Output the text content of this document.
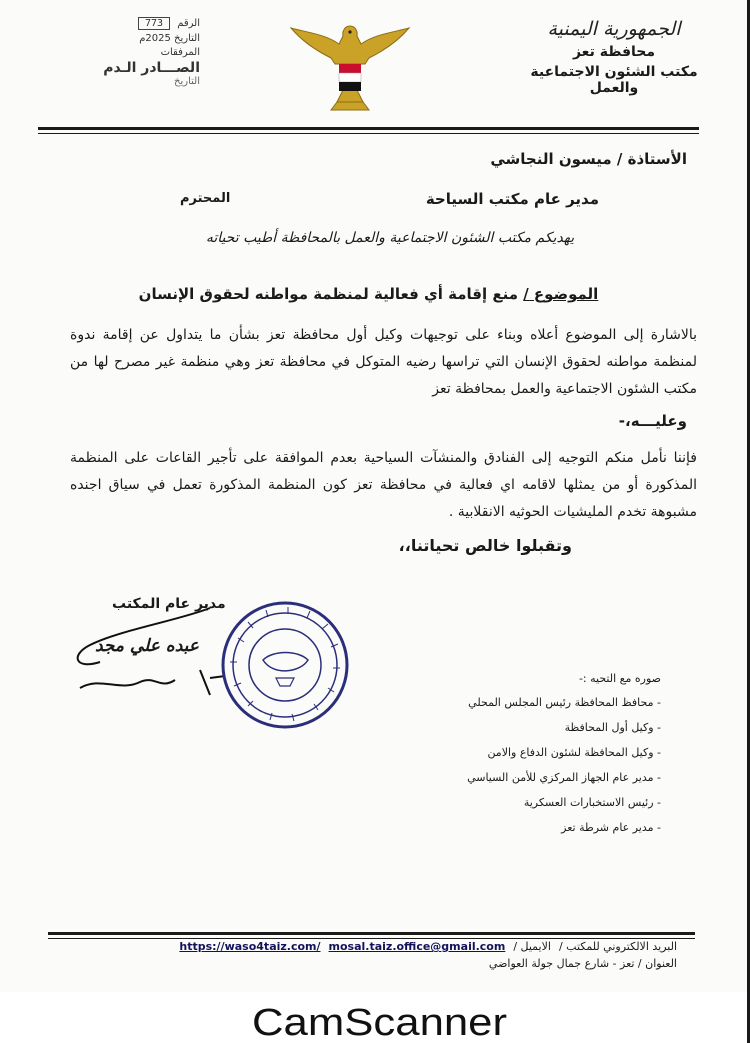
الجمهورية اليمنية
محافظة تعز
مكتب الشئون الاجتماعية والعمل
الرقم 773
التاريخ 2025م
المرفقات
الصـــادر الـدم
التاريخ
الأستاذة / ميسون النجاشي
مدير عام مكتب السياحة
المحترم
يهديكم مكتب الشئون الاجتماعية والعمل بالمحافظة أطيب تحياته
الموضوع / منع إقامة أي فعالية لمنظمة مواطنه لحقوق الإنسان
بالاشارة إلى الموضوع أعلاه وبناء على توجيهات وكيل أول محافظة تعز بشأن ما يتداول عن إقامة ندوة لمنظمة مواطنه لحقوق الإنسان التي تراسها رضيه المتوكل في محافظة تعز وهي منظمة غير مصرح لها من مكتب الشئون الاجتماعية والعمل بمحافظة تعز
وعليـــه،-
فإننا نأمل منكم التوجيه إلى الفنادق والمنشآت السياحية بعدم الموافقة على تأجير القاعات على المنظمة المذكورة أو من يمثلها لاقامه اي فعالية في محافظة تعز كون المنظمة المذكورة تعمل في سياق اجنده مشبوهة تخدم المليشيات الحوثيه الانقلابية .
وتقبلوا خالص تحياتنا،،
مدير عام المكتب
عبده علي مجد
صوره مع التحيه :-
- محافظ المحافظة رئيس المجلس المحلي
- وكيل أول المحافظة
- وكيل المحافظة لشئون الدفاع والامن
- مدير عام الجهاز المركزي للأمن السياسي
- رئيس الاستخبارات العسكرية
- مدير عام شرطة تعز
البريد الالكتروني للمكتب /
الايميل /
mosal.taiz.office@gmail.com
https://waso4taiz.com/
العنوان / تعز - شارع جمال جولة العواضي
CamScanner
